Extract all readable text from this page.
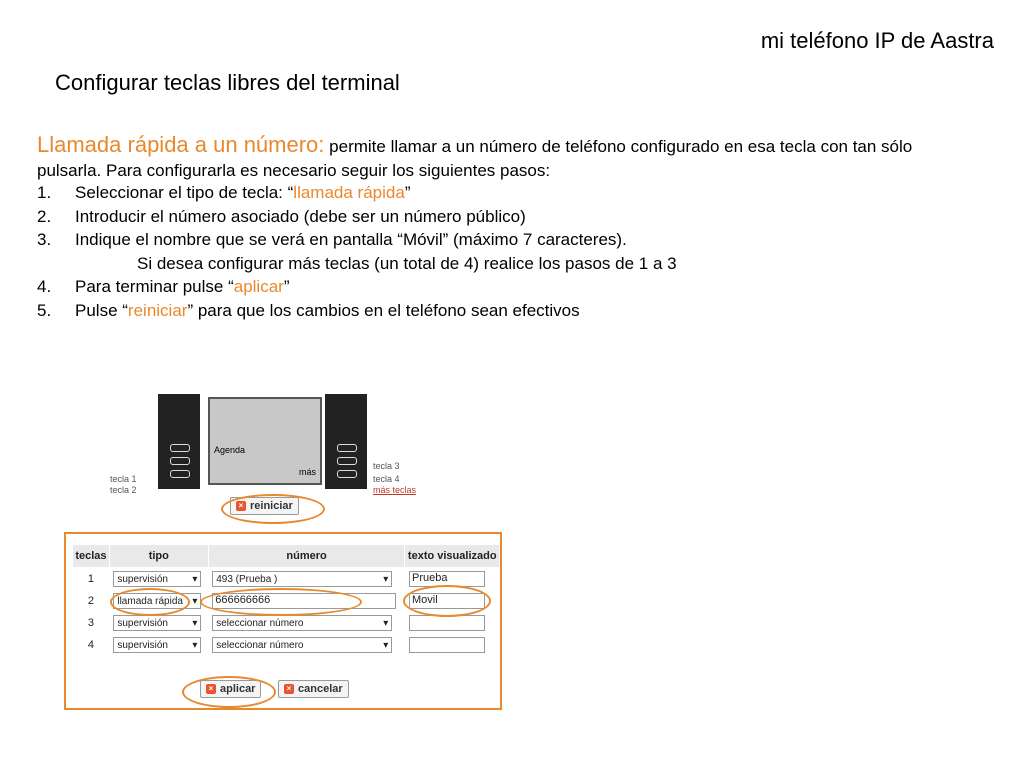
mi teléfono IP de Aastra
Configurar teclas libres del terminal
Llamada rápida a un número: permite llamar a un número de teléfono configurado en esa tecla con tan sólo pulsarla. Para configurarla es necesario seguir los siguientes pasos:
1. Seleccionar el tipo de tecla: “llamada rápida”
2. Introducir el número asociado (debe ser un número público)
3. Indique el nombre que se verá en pantalla “Móvil” (máximo 7 caracteres).
Si desea configurar más teclas (un total de 4) realice los pasos de 1 a 3
4. Para terminar pulse “aplicar”
5. Pulse “reiniciar” para que los cambios en el teléfono sean efectivos
Agenda
más
tecla 1
tecla 2
tecla 3
tecla 4
más teclas
× reiniciar
teclas	tipo	número	texto visualizado
1	supervisión ▾	493 (Prueba ) ▾	Prueba

2	llamada rápida ▾	666666666	Movil

3	supervisión ▾	seleccionar número ▾	

4	supervisión ▾	seleccionar número ▾	

× aplicar	× cancelar
